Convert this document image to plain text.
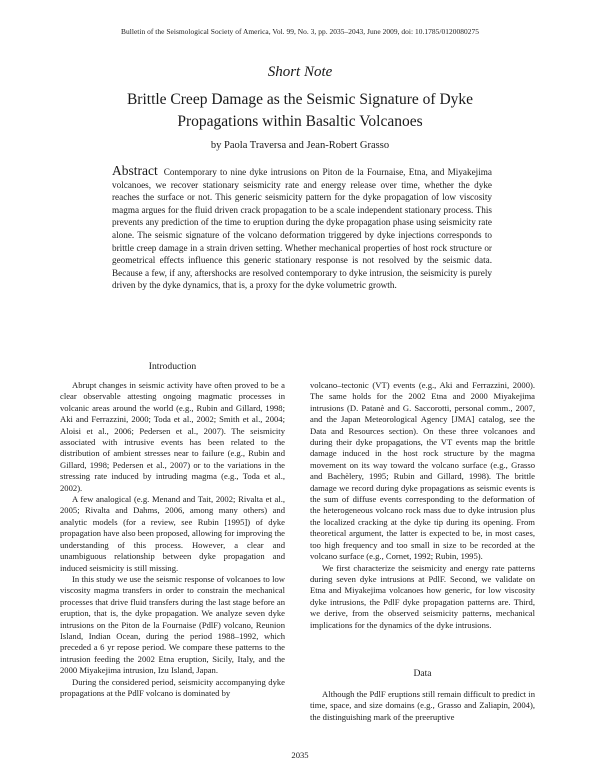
Bulletin of the Seismological Society of America, Vol. 99, No. 3, pp. 2035–2043, June 2009, doi: 10.1785/0120080275
Short Note
Brittle Creep Damage as the Seismic Signature of Dyke
Propagations within Basaltic Volcanoes
by Paola Traversa and Jean-Robert Grasso
Abstract Contemporary to nine dyke intrusions on Piton de la Fournaise, Etna, and Miyakejima volcanoes, we recover stationary seismicity rate and energy release over time, whether the dyke reaches the surface or not. This generic seismicity pattern for the dyke propagation of low viscosity magma argues for the fluid driven crack propagation to be a scale independent stationary process. This prevents any prediction of the time to eruption during the dyke propagation phase using seismicity rate alone. The seismic signature of the volcano deformation triggered by dyke injections corresponds to brittle creep damage in a strain driven setting. Whether mechanical properties of host rock structure or geometrical effects influence this generic stationary response is not resolved by the seismic data. Because a few, if any, aftershocks are resolved contemporary to dyke intrusion, the seismicity is purely driven by the dyke dynamics, that is, a proxy for the dyke volumetric growth.
Introduction

Abrupt changes in seismic activity have often proved to be a clear observable attesting ongoing magmatic processes in volcanic areas around the world (e.g., Rubin and Gillard, 1998; Aki and Ferrazzini, 2000; Toda et al., 2002; Smith et al., 2004; Aloisi et al., 2006; Pedersen et al., 2007). The seismicity associated with intrusive events has been related to the distribution of ambient stresses near to failure (e.g., Rubin and Gillard, 1998; Pedersen et al., 2007) or to the variations in the stressing rate induced by intruding magma (e.g., Toda et al., 2002).

A few analogical (e.g. Menand and Tait, 2002; Rivalta et al., 2005; Rivalta and Dahms, 2006, among many others) and analytic models (for a review, see Rubin [1995]) of dyke propagation have also been proposed, allowing for improving the understanding of this process. However, a clear and unambiguous relationship between dyke propagation and induced seismicity is still missing.

In this study we use the seismic response of volcanoes to low viscosity magma transfers in order to constrain the mechanical processes that drive fluid transfers during the last stage before an eruption, that is, the dyke propagation. We analyze seven dyke intrusions on the Piton de la Fournaise (PdlF) volcano, Reunion Island, Indian Ocean, during the period 1988–1992, which preceded a 6 yr repose period. We compare these patterns to the intrusion feeding the 2002 Etna eruption, Sicily, Italy, and the 2000 Miyakejima intrusion, Izu Island, Japan.

During the considered period, seismicity accompanying dyke propagations at the PdlF volcano is dominated by

volcano–tectonic (VT) events (e.g., Aki and Ferrazzini, 2000). The same holds for the 2002 Etna and 2000 Miyakejima intrusions (D. Patanè and G. Saccorotti, personal comm., 2007, and the Japan Meteorological Agency [JMA] catalog, see the Data and Resources section). On these three volcanoes and during their dyke propagations, the VT events map the brittle damage induced in the host rock structure by the magma movement on its way toward the volcano surface (e.g., Grasso and Bachèlery, 1995; Rubin and Gillard, 1998). The brittle damage we record during dyke propagations as seismic events is the sum of diffuse events corresponding to the deformation of the heterogeneous volcano rock mass due to dyke intrusion plus the localized cracking at the dyke tip during its opening. From theoretical argument, the latter is expected to be, in most cases, too high frequency and too small in size to be recorded at the volcano surface (e.g., Cornet, 1992; Rubin, 1995).

We first characterize the seismicity and energy rate patterns during seven dyke intrusions at PdlF. Second, we validate on Etna and Miyakejima volcanoes how generic, for low viscosity dyke intrusions, the PdlF dyke propagation patterns are. Third, we derive, from the observed seismicity patterns, mechanical implications for the dynamics of the dyke intrusions.

Data

Although the PdlF eruptions still remain difficult to predict in time, space, and size domains (e.g., Grasso and Zaliapin, 2004), the distinguishing mark of the preeruptive

2035
